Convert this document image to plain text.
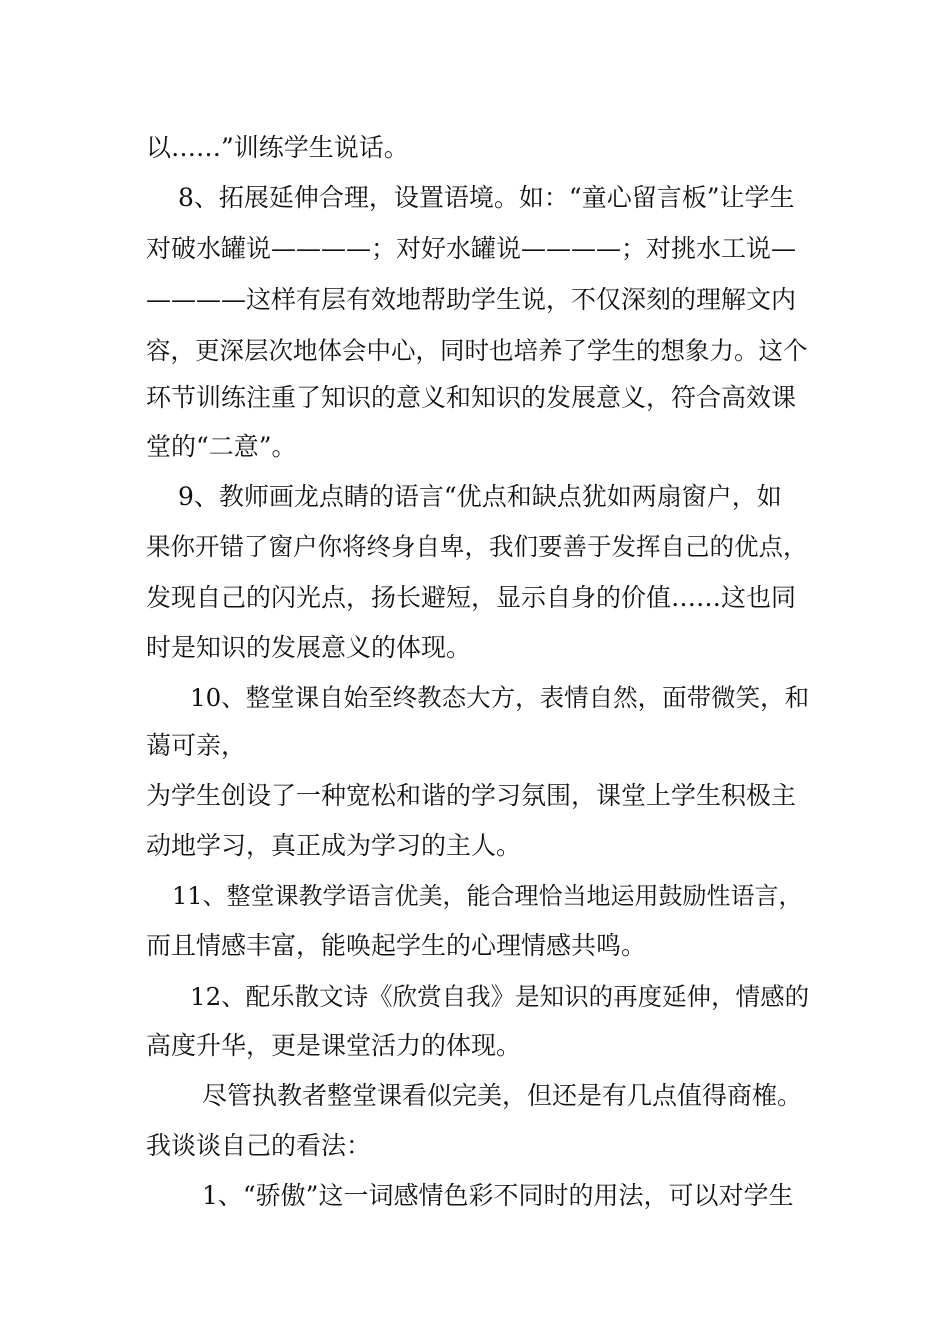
以……”训练学生说话。
8、拓展延伸合理，设置语境。如：“童心留言板”让学生
对破水罐说————；对好水罐说————；对挑水工说—
————这样有层有效地帮助学生说，不仅深刻的理解文内
容，更深层次地体会中心，同时也培养了学生的想象力。这个
环节训练注重了知识的意义和知识的发展意义，符合高效课
堂的“二意”。
9、教师画龙点睛的语言“优点和缺点犹如两扇窗户，如
果你开错了窗户你将终身自卑，我们要善于发挥自己的优点，
发现自己的闪光点，扬长避短，显示自身的价值……这也同
时是知识的发展意义的体现。
10、整堂课自始至终教态大方，表情自然，面带微笑，和
蔼可亲，
为学生创设了一种宽松和谐的学习氛围，课堂上学生积极主
动地学习，真正成为学习的主人。
11、整堂课教学语言优美，能合理恰当地运用鼓励性语言，
而且情感丰富，能唤起学生的心理情感共鸣。
12、配乐散文诗《欣赏自我》是知识的再度延伸，情感的
高度升华，更是课堂活力的体现。
尽管执教者整堂课看似完美，但还是有几点值得商榷。
我谈谈自己的看法：
1、“骄傲”这一词感情色彩不同时的用法，可以对学生
